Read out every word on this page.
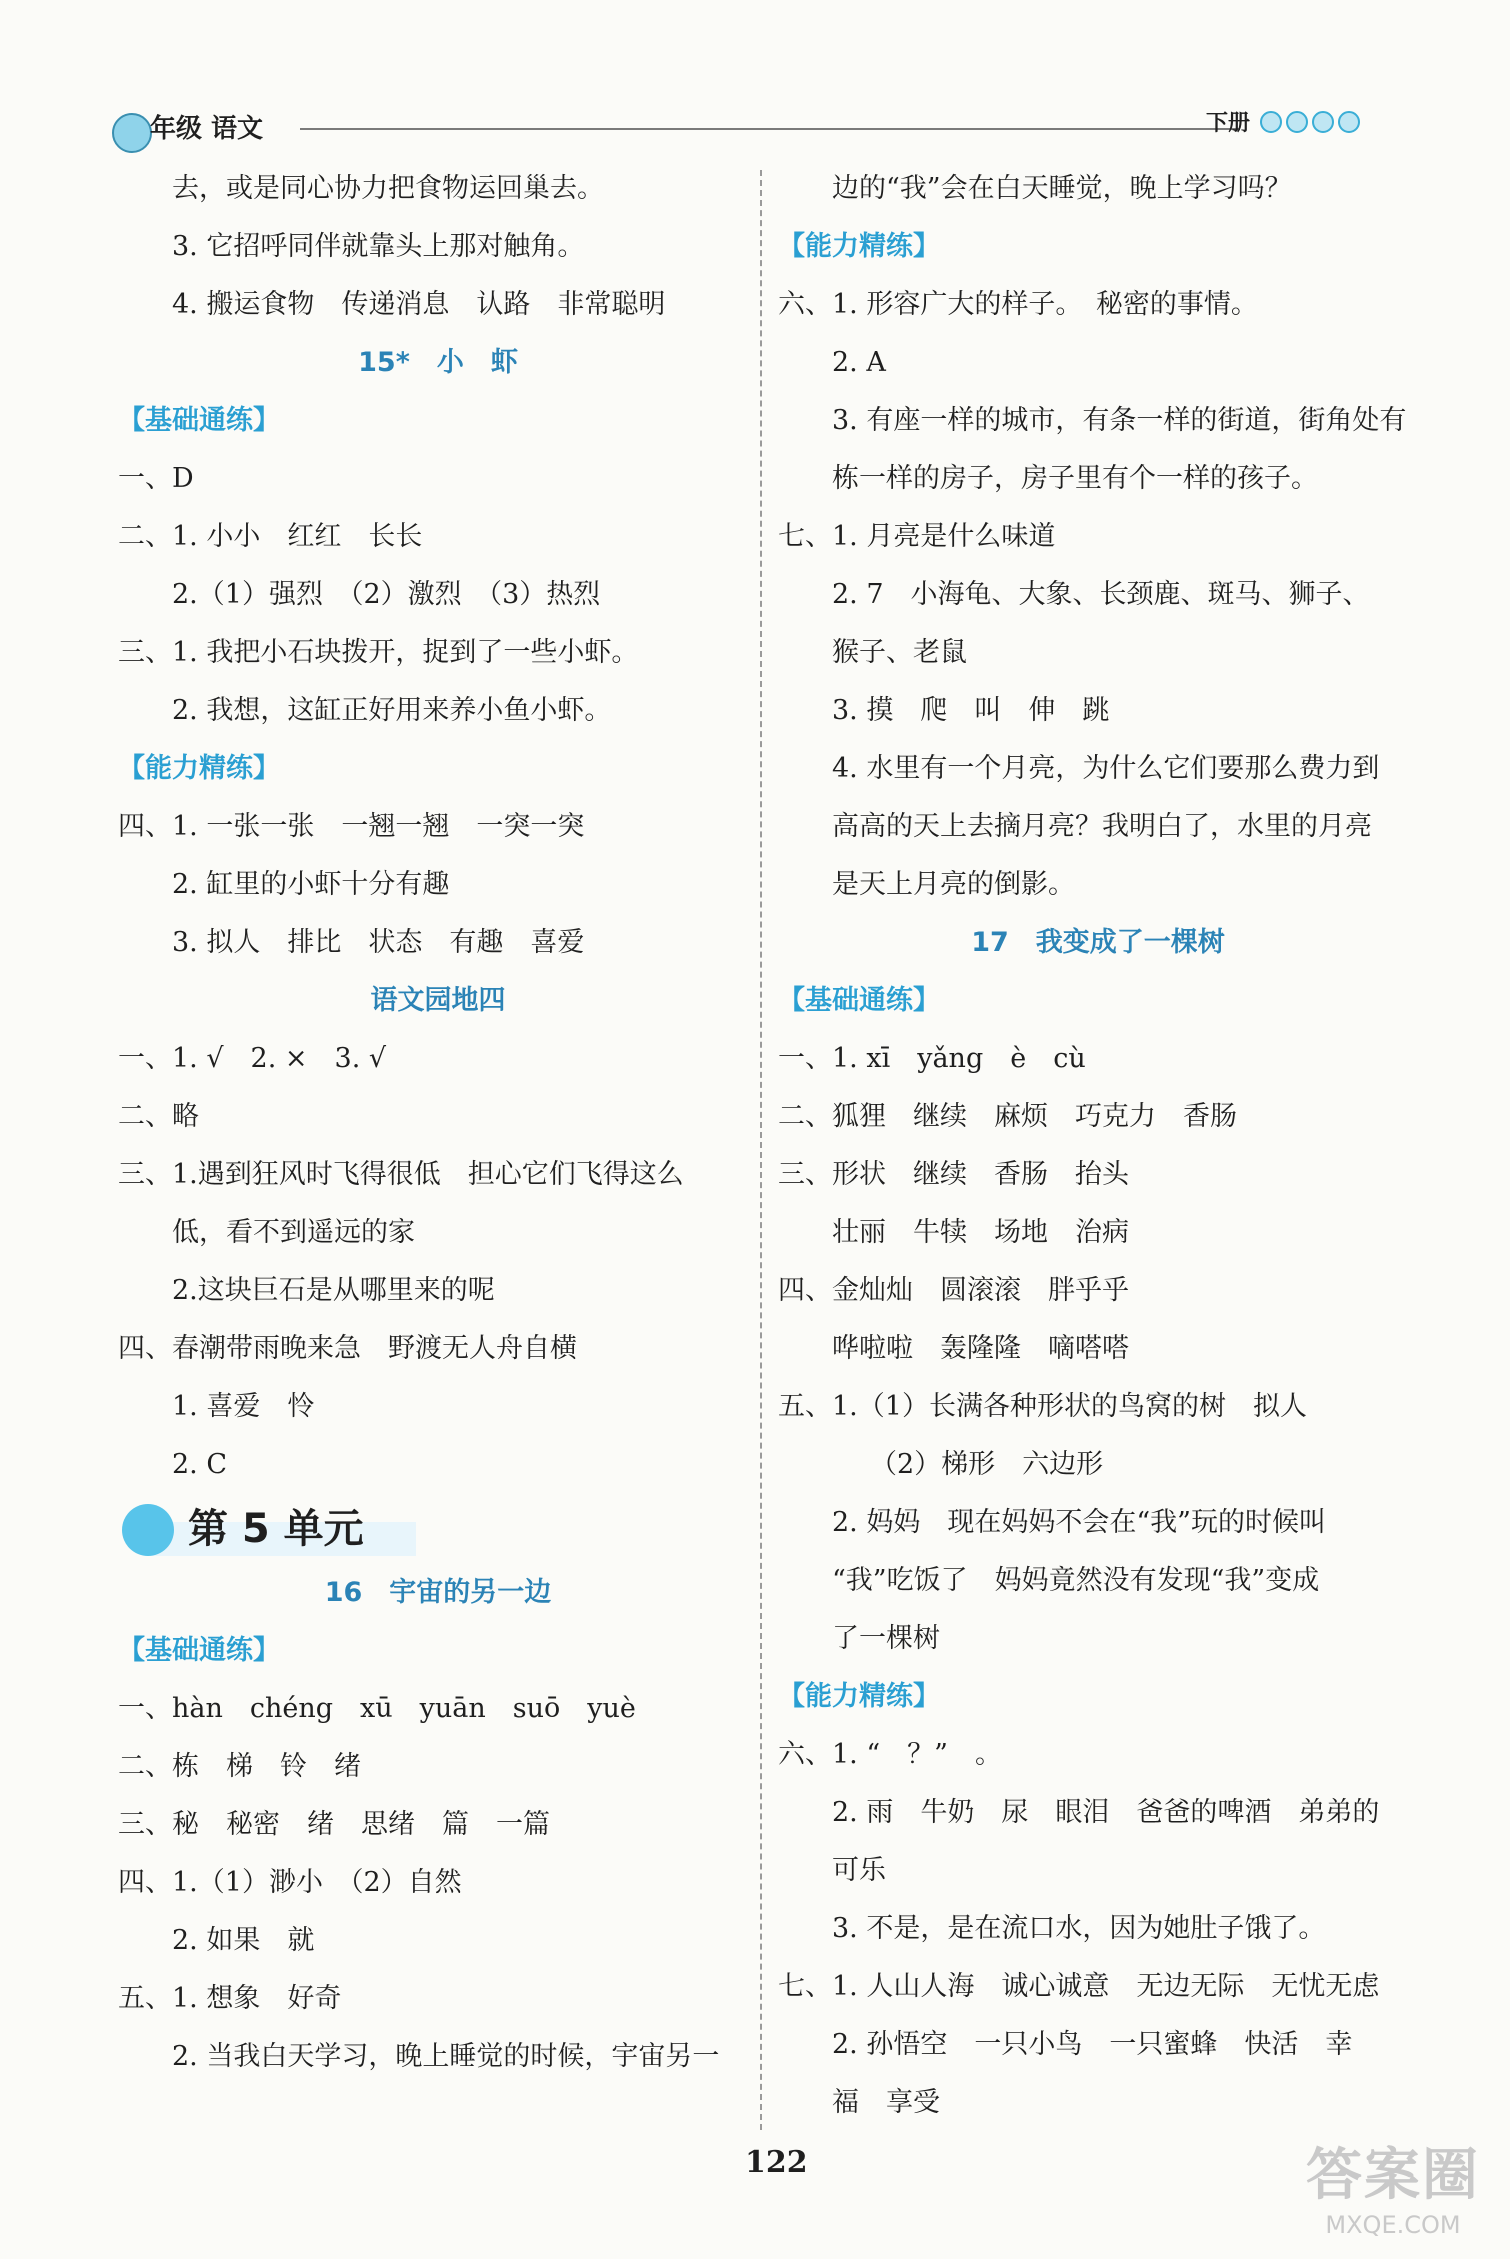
年级 语文	下册
去，或是同心协力把食物运回巢去。
3. 它招呼同伴就靠头上那对触角。
4. 搬运食物　传递消息　认路　非常聪明
15*　小　虾
【基础通练】
一、D
二、1. 小小　红红　长长
2.（1）强烈　（2）激烈　（3）热烈
三、1. 我把小石块拨开，捉到了一些小虾。
2. 我想，这缸正好用来养小鱼小虾。
【能力精练】
四、1. 一张一张　一翘一翘　一突一突
2. 缸里的小虾十分有趣
3. 拟人　排比　状态　有趣　喜爱
语文园地四
一、1. √　2. ×　3. √
二、略
三、1.遇到狂风时飞得很低　担心它们飞得这么
低，看不到遥远的家
2.这块巨石是从哪里来的呢
四、春潮带雨晚来急　野渡无人舟自横
1. 喜爱　怜
2. C
第 5 单元
16　宇宙的另一边
【基础通练】
一、hàn　chéng　xū　yuān　suō　yuè
二、栋　梯　铃　绪
三、秘　秘密　绪　思绪　篇　一篇
四、1.（1）渺小　（2）自然
2. 如果　就
五、1. 想象　好奇
2. 当我白天学习，晚上睡觉的时候，宇宙另一
边的“我”会在白天睡觉，晚上学习吗？
【能力精练】
六、1. 形容广大的样子。　秘密的事情。
2. A
3. 有座一样的城市，有条一样的街道，街角处有
栋一样的房子，房子里有个一样的孩子。
七、1. 月亮是什么味道
2. 7　小海龟、大象、长颈鹿、斑马、狮子、
猴子、老鼠
3. 摸　爬　叫　伸　跳
4. 水里有一个月亮，为什么它们要那么费力到
高高的天上去摘月亮？我明白了，水里的月亮
是天上月亮的倒影。
17　我变成了一棵树
【基础通练】
一、1. xī　yǎng　è　cù
二、狐狸　继续　麻烦　巧克力　香肠
三、形状　继续　香肠　抬头
壮丽　牛犊　场地　治病
四、金灿灿　圆滚滚　胖乎乎
哗啦啦　轰隆隆　嘀嗒嗒
五、1.（1）长满各种形状的鸟窝的树　拟人
（2）梯形　六边形
2. 妈妈　现在妈妈不会在“我”玩的时候叫
“我”吃饭了　妈妈竟然没有发现“我”变成
了一棵树
【能力精练】
六、1. “　？”　。
2. 雨　牛奶　尿　眼泪　爸爸的啤酒　弟弟的
可乐
3. 不是，是在流口水，因为她肚子饿了。
七、1. 人山人海　诚心诚意　无边无际　无忧无虑
2. 孙悟空　一只小鸟　一只蜜蜂　快活　幸
福　享受
122	答案圈
MXQE.COM
